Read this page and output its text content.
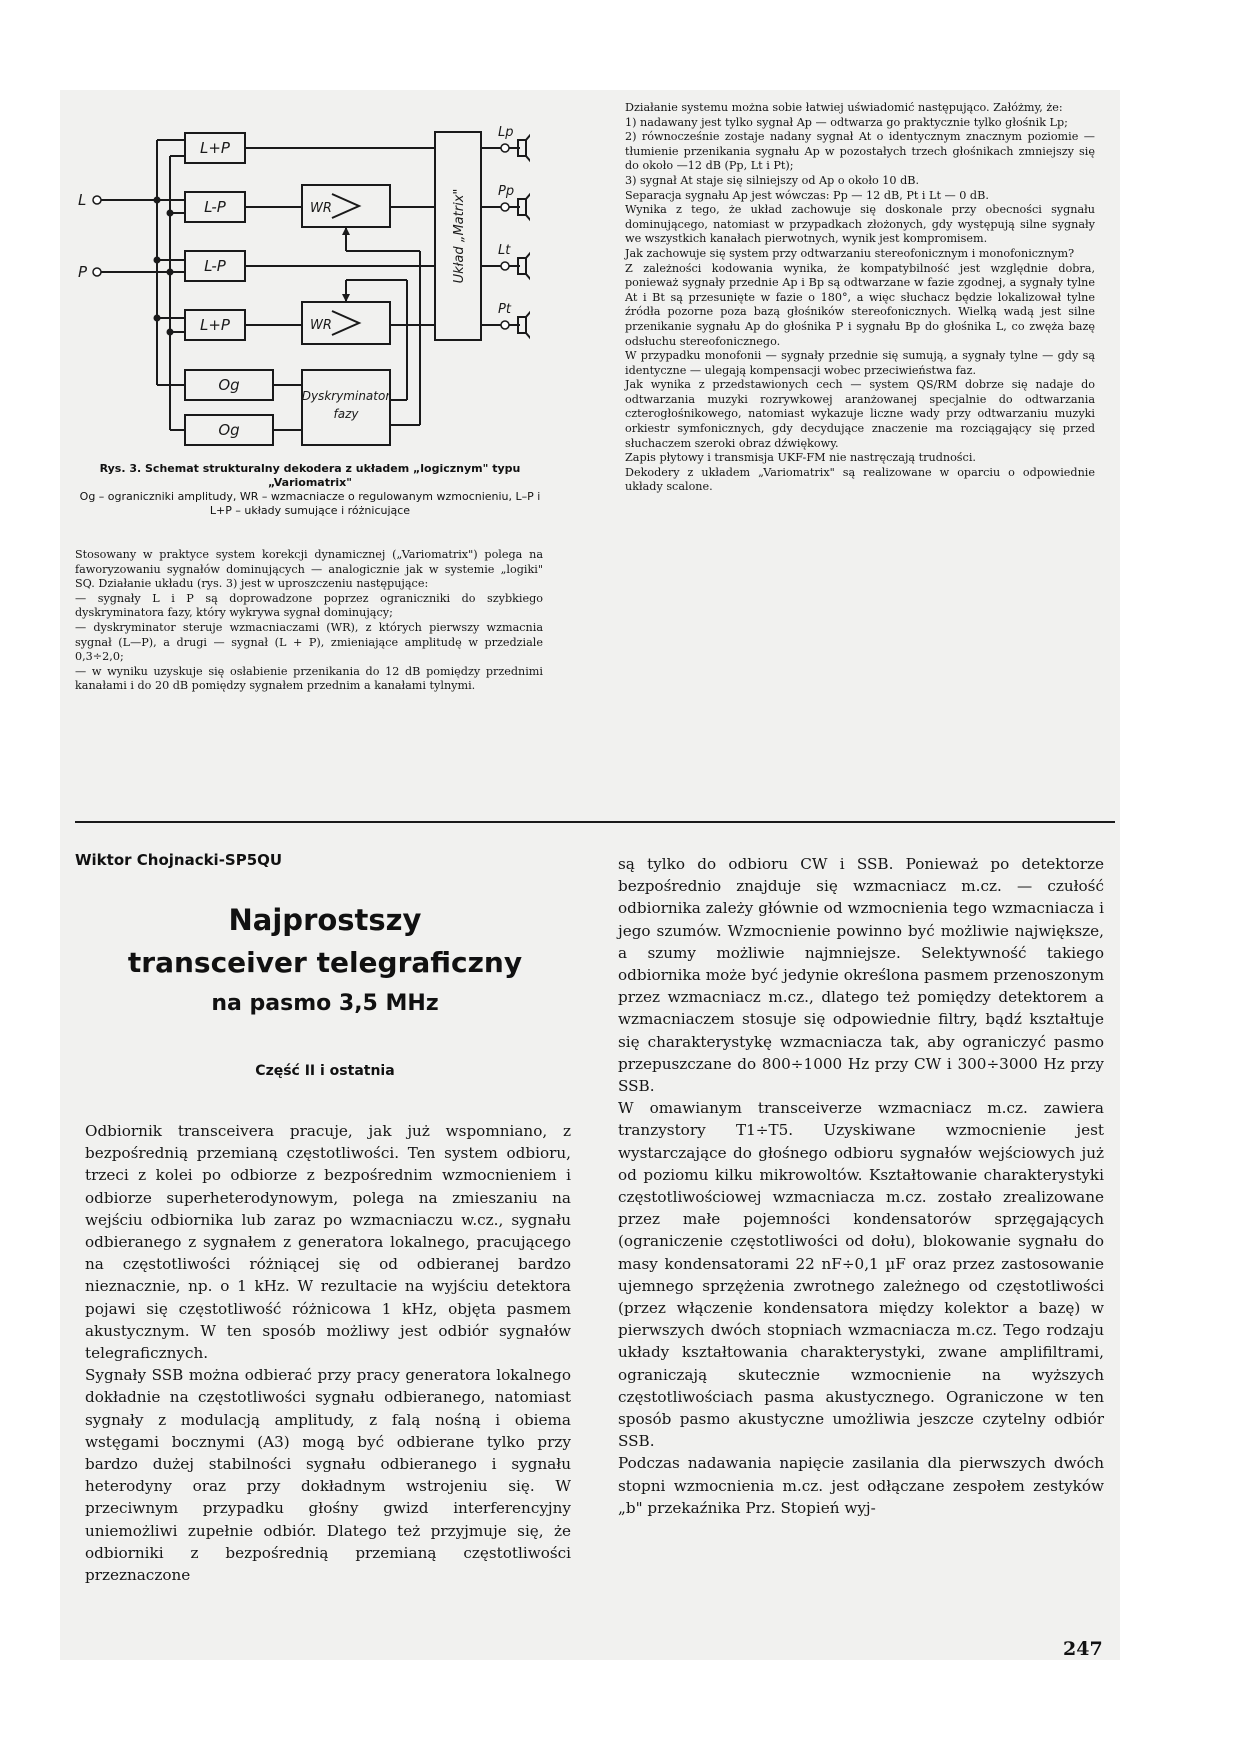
L
P
L+P
L-P
L-P
L+P
Og
Og
WR
WR
Dyskryminator
fazy
Układ „Matrix"
Lp
Pp
Lt
Pt
Rys. 3. Schemat strukturalny dekodera z układem „logicznym" typu „Variomatrix"
Og – ograniczniki amplitudy, WR – wzmacniacze o regulowanym wzmocnieniu, L–P i L+P – układy sumujące i różnicujące

Stosowany w praktyce system korekcji dynamicznej („Variomatrix") polega na faworyzowaniu sygnałów dominujących — analogicznie jak w systemie „logiki" SQ. Działanie układu (rys. 3) jest w uproszczeniu następujące:

— sygnały L i P są doprowadzone poprzez ograniczniki do szybkiego dyskryminatora fazy, który wykrywa sygnał dominujący;

— dyskryminator steruje wzmacniaczami (WR), z których pierwszy wzmacnia sygnał (L—P), a drugi — sygnał (L + P), zmieniające amplitudę w przedziale 0,3÷2,0;

— w wyniku uzyskuje się osłabienie przenikania do 12 dB pomiędzy przednimi kanałami i do 20 dB pomiędzy sygnałem przednim a kanałami tylnymi.

Działanie systemu można sobie łatwiej uświadomić następująco. Załóżmy, że:

1) nadawany jest tylko sygnał Ap — odtwarza go praktycznie tylko głośnik Lp;

2) równocześnie zostaje nadany sygnał At o identycznym znacznym poziomie — tłumienie przenikania sygnału Ap w pozostałych trzech głośnikach zmniejszy się do około —12 dB (Pp, Lt i Pt);

3) sygnał At staje się silniejszy od Ap o około 10 dB.

Separacja sygnału Ap jest wówczas: Pp — 12 dB, Pt i Lt — 0 dB.

Wynika z tego, że układ zachowuje się doskonale przy obecności sygnału dominującego, natomiast w przypadkach złożonych, gdy występują silne sygnały we wszystkich kanałach pierwotnych, wynik jest kompromisem.

Jak zachowuje się system przy odtwarzaniu stereofonicznym i monofonicznym?

Z zależności kodowania wynika, że kompatybilność jest względnie dobra, ponieważ sygnały przednie Ap i Bp są odtwarzane w fazie zgodnej, a sygnały tylne At i Bt są przesunięte w fazie o 180°, a więc słuchacz będzie lokalizował tylne źródła pozorne poza bazą głośników stereofonicznych. Wielką wadą jest silne przenikanie sygnału Ap do głośnika P i sygnału Bp do głośnika L, co zwęża bazę odsłuchu stereofonicznego.

W przypadku monofonii — sygnały przednie się sumują, a sygnały tylne — gdy są identyczne — ulegają kompensacji wobec przeciwieństwa faz.

Jak wynika z przedstawionych cech — system QS/RM dobrze się nadaje do odtwarzania muzyki rozrywkowej aranżowanej specjalnie do odtwarzania czterogłośnikowego, natomiast wykazuje liczne wady przy odtwarzaniu muzyki orkiestr symfonicznych, gdy decydujące znaczenie ma rozciągający się przed słuchaczem szeroki obraz dźwiękowy.

Zapis płytowy i transmisja UKF-FM nie nastręczają trudności.

Dekodery z układem „Variomatrix" są realizowane w oparciu o odpowiednie układy scalone.

Wiktor Chojnacki-SP5QU
Najprostszy
transceiver telegraficzny
na pasmo 3,5 MHz
Część II i ostatnia

Odbiornik transceivera pracuje, jak już wspomniano, z bezpośrednią przemianą częstotliwości. Ten system odbioru, trzeci z kolei po odbiorze z bezpośrednim wzmocnieniem i odbiorze superheterodynowym, polega na zmieszaniu na wejściu odbiornika lub zaraz po wzmacniaczu w.cz., sygnału odbieranego z sygnałem z generatora lokalnego, pracującego na częstotliwości różniącej się od odbieranej bardzo nieznacznie, np. o 1 kHz. W rezultacie na wyjściu detektora pojawi się częstotliwość różnicowa 1 kHz, objęta pasmem akustycznym. W ten sposób możliwy jest odbiór sygnałów telegraficznych.

Sygnały SSB można odbierać przy pracy generatora lokalnego dokładnie na częstotliwości sygnału odbieranego, natomiast sygnały z modulacją amplitudy, z falą nośną i obiema wstęgami bocznymi (A3) mogą być odbierane tylko przy bardzo dużej stabilności sygnału odbieranego i sygnału heterodyny oraz przy dokładnym wstrojeniu się. W przeciwnym przypadku głośny gwizd interferencyjny uniemożliwi zupełnie odbiór. Dlatego też przyjmuje się, że odbiorniki z bezpośrednią przemianą częstotliwości przeznaczone

są tylko do odbioru CW i SSB. Ponieważ po detektorze bezpośrednio znajduje się wzmacniacz m.cz. — czułość odbiornika zależy głównie od wzmocnienia tego wzmacniacza i jego szumów. Wzmocnienie powinno być możliwie największe, a szumy możliwie najmniejsze. Selektywność takiego odbiornika może być jedynie określona pasmem przenoszonym przez wzmacniacz m.cz., dlatego też pomiędzy detektorem a wzmacniaczem stosuje się odpowiednie filtry, bądź kształtuje się charakterystykę wzmacniacza tak, aby ograniczyć pasmo przepuszczane do 800÷1000 Hz przy CW i 300÷3000 Hz przy SSB.

W omawianym transceiverze wzmacniacz m.cz. zawiera tranzystory T1÷T5. Uzyskiwane wzmocnienie jest wystarczające do głośnego odbioru sygnałów wejściowych już od poziomu kilku mikrowoltów. Kształtowanie charakterystyki częstotliwościowej wzmacniacza m.cz. zostało zrealizowane przez małe pojemności kondensatorów sprzęgających (ograniczenie częstotliwości od dołu), blokowanie sygnału do masy kondensatorami 22 nF÷0,1 µF oraz przez zastosowanie ujemnego sprzężenia zwrotnego zależnego od częstotliwości (przez włączenie kondensatora między kolektor a bazę) w pierwszych dwóch stopniach wzmacniacza m.cz. Tego rodzaju układy kształtowania charakterystyki, zwane amplifiltrami, ograniczają skutecznie wzmocnienie na wyższych częstotliwościach pasma akustycznego. Ograniczone w ten sposób pasmo akustyczne umożliwia jeszcze czytelny odbiór SSB.

Podczas nadawania napięcie zasilania dla pierwszych dwóch stopni wzmocnienia m.cz. jest odłączane zespołem zestyków „b" przekaźnika Prz. Stopień wyj-

247
